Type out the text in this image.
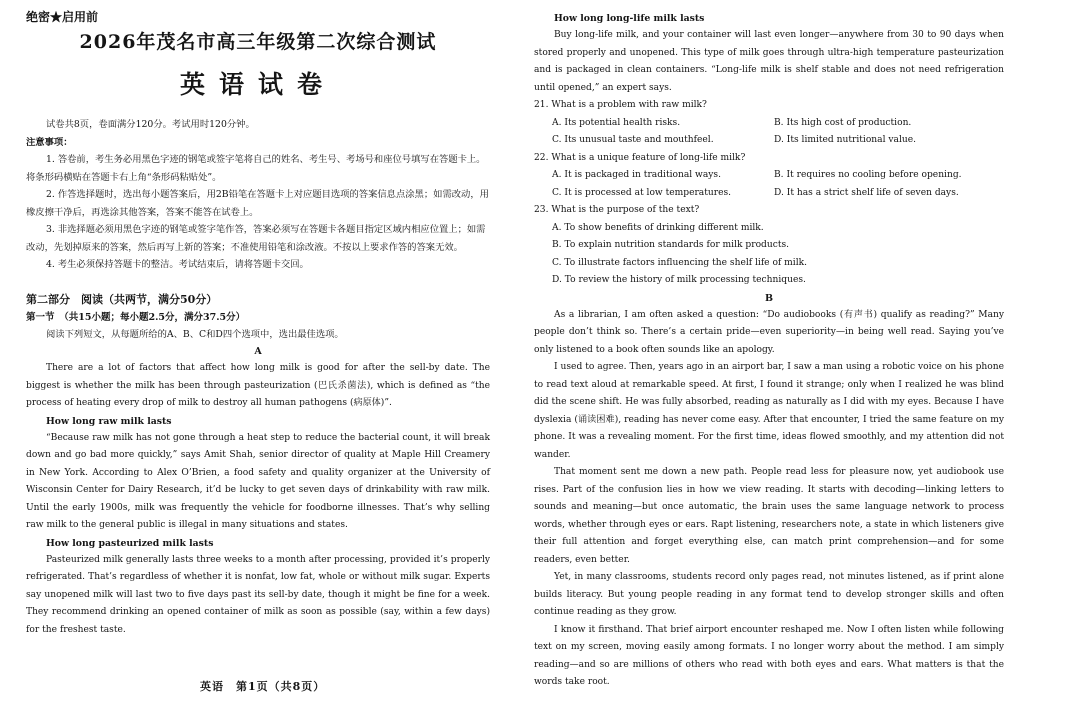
绝密★启用前
2026年茂名市高三年级第二次综合测试
英语试卷
试卷共8页，卷面满分120分。考试用时120分钟。
注意事项：
1. 答卷前，考生务必用黑色字迹的钢笔或签字笔将自己的姓名、考生号、考场号和座位号填写在答题卡上。将条形码横贴在答题卡右上角“条形码粘贴处”。
2. 作答选择题时，选出每小题答案后，用2B铅笔在答题卡上对应题目选项的答案信息点涂黑；如需改动，用橡皮擦干净后，再选涂其他答案，答案不能答在试卷上。
3. 非选择题必须用黑色字迹的钢笔或签字笔作答，答案必须写在答题卡各题目指定区域内相应位置上；如需改动，先划掉原来的答案，然后再写上新的答案；不准使用铅笔和涂改液。不按以上要求作答的答案无效。
4. 考生必须保持答题卡的整洁。考试结束后，请将答题卡交回。
第二部分　阅读（共两节，满分50分）
第一节　（共15小题；每小题2.5分，满分37.5分）
阅读下列短文，从每题所给的A、B、C和D四个选项中，选出最佳选项。
A
There are a lot of factors that affect how long milk is good for after the sell-by date. The biggest is whether the milk has been through pasteurization (巴氏杀菌法), which is defined as “the process of heating every drop of milk to destroy all human pathogens (病原体)”.
How long raw milk lasts
“Because raw milk has not gone through a heat step to reduce the bacterial count, it will break down and go bad more quickly,” says Amit Shah, senior director of quality at Maple Hill Creamery in New York. According to Alex O’Brien, a food safety and quality organizer at the University of Wisconsin Center for Dairy Research, it’d be lucky to get seven days of drinkability with raw milk. Until the early 1900s, milk was frequently the vehicle for foodborne illnesses. That’s why selling raw milk to the general public is illegal in many situations and states.
How long pasteurized milk lasts
Pasteurized milk generally lasts three weeks to a month after processing, provided it’s properly refrigerated. That’s regardless of whether it is nonfat, low fat, whole or without milk sugar. Experts say unopened milk will last two to five days past its sell-by date, though it might be fine for a week. They recommend drinking an opened container of milk as soon as possible (say, within a few days) for the freshest taste.
英语　第1页（共8页）
How long long-life milk lasts
Buy long-life milk, and your container will last even longer—anywhere from 30 to 90 days when stored properly and unopened. This type of milk goes through ultra-high temperature pasteurization and is packaged in clean containers. “Long-life milk is shelf stable and does not need refrigeration until opened,” an expert says.
21. What is a problem with raw milk?
A. Its potential health risks.	B. Its high cost of production.
C. Its unusual taste and mouthfeel.	D. Its limited nutritional value.
22. What is a unique feature of long-life milk?
A. It is packaged in traditional ways.	B. It requires no cooling before opening.
C. It is processed at low temperatures.	D. It has a strict shelf life of seven days.
23. What is the purpose of the text?
A. To show benefits of drinking different milk.
B. To explain nutrition standards for milk products.
C. To illustrate factors influencing the shelf life of milk.
D. To review the history of milk processing techniques.
B
As a librarian, I am often asked a question: “Do audiobooks (有声书) qualify as reading?” Many people don’t think so. There’s a certain pride—even superiority—in being well read. Saying you’ve only listened to a book often sounds like an apology.
I used to agree. Then, years ago in an airport bar, I saw a man using a robotic voice on his phone to read text aloud at remarkable speed. At first, I found it strange; only when I realized he was blind did the scene shift. He was fully absorbed, reading as naturally as I did with my eyes. Because I have dyslexia (诵读困难), reading has never come easy. After that encounter, I tried the same feature on my phone. It was a revealing moment. For the first time, ideas flowed smoothly, and my attention did not wander.
That moment sent me down a new path. People read less for pleasure now, yet audiobook use rises. Part of the confusion lies in how we view reading. It starts with decoding—linking letters to sounds and meaning—but once automatic, the brain uses the same language network to process words, whether through eyes or ears. Rapt listening, researchers note, a state in which listeners give their full attention and forget everything else, can match print comprehension—and for some readers, even better.
Yet, in many classrooms, students record only pages read, not minutes listened, as if print alone builds literacy. But young people reading in any format tend to develop stronger skills and often continue reading as they grow.
I know it firsthand. That brief airport encounter reshaped me. Now I often listen while following text on my screen, moving easily among formats. I no longer worry about the method. I am simply reading—and so are millions of others who read with both eyes and ears. What matters is that the words take root.
